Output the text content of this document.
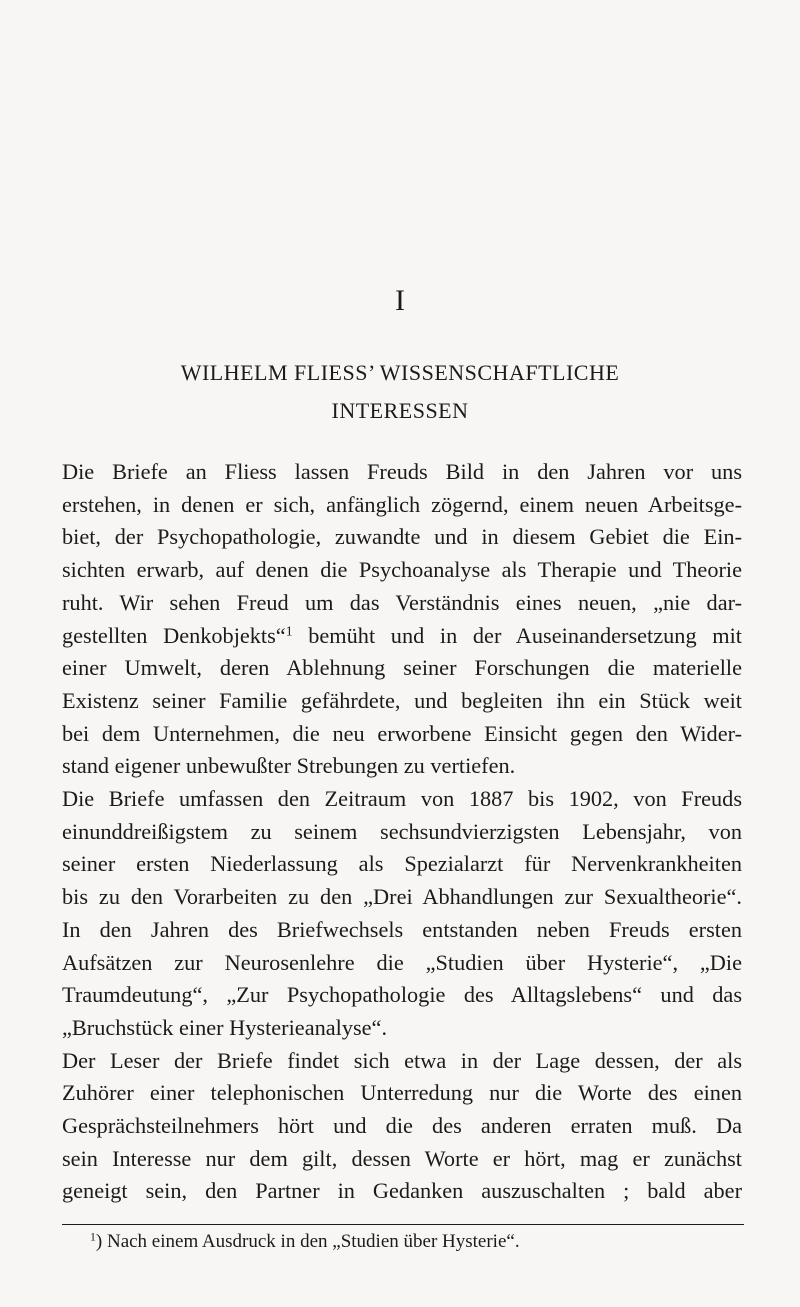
I
WILHELM FLIESS’ WISSENSCHAFTLICHE
INTERESSEN
Die Briefe an Fliess lassen Freuds Bild in den Jahren vor uns
erstehen, in denen er sich, anfänglich zögernd, einem neuen Arbeitsge-
biet, der Psychopathologie, zuwandte und in diesem Gebiet die Ein-
sichten erwarb, auf denen die Psychoanalyse als Therapie und Theorie
ruht. Wir sehen Freud um das Verständnis eines neuen, „nie dar-
gestellten Denkobjekts“$^1$ bemüht und in der Auseinandersetzung mit
einer Umwelt, deren Ablehnung seiner Forschungen die materielle
Existenz seiner Familie gefährdete, und begleiten ihn ein Stück weit
bei dem Unternehmen, die neu erworbene Einsicht gegen den Wider-
stand eigener unbewußter Strebungen zu vertiefen.
Die Briefe umfassen den Zeitraum von 1887 bis 1902, von Freuds
einunddreißigstem zu seinem sechsundvierzigsten Lebensjahr, von
seiner ersten Niederlassung als Spezialarzt für Nervenkrankheiten
bis zu den Vorarbeiten zu den „Drei Abhandlungen zur Sexualtheorie“.
In den Jahren des Briefwechsels entstanden neben Freuds ersten
Aufsätzen zur Neurosenlehre die „Studien über Hysterie“, „Die
Traumdeutung“, „Zur Psychopathologie des Alltagslebens“ und das
„Bruchstück einer Hysterieanalyse“.
Der Leser der Briefe findet sich etwa in der Lage dessen, der als
Zuhörer einer telephonischen Unterredung nur die Worte des einen
Gesprächsteilnehmers hört und die des anderen erraten muß. Da
sein Interesse nur dem gilt, dessen Worte er hört, mag er zunächst
geneigt sein, den Partner in Gedanken auszuschalten ; bald aber
$^1$) Nach einem Ausdruck in den „Studien über Hysterie“.
